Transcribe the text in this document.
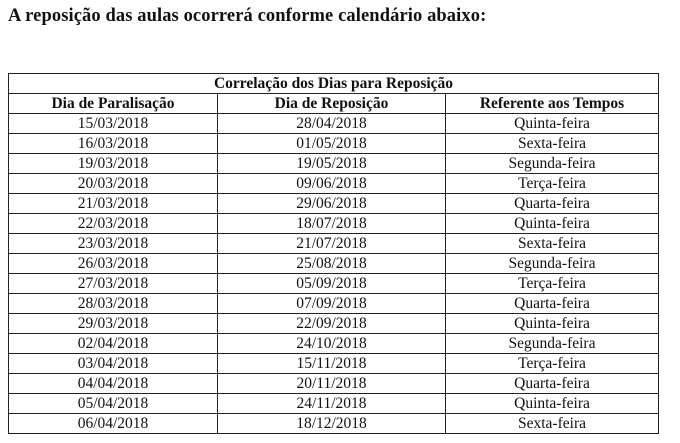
A reposição das aulas ocorrerá conforme calendário abaixo:
Correlação dos Dias para Reposição		
Dia de Paralisação	Dia de Reposição	Referente aos Tempos
15/03/2018	28/04/2018	Quinta-feira
16/03/2018	01/05/2018	Sexta-feira
19/03/2018	19/05/2018	Segunda-feira
20/03/2018	09/06/2018	Terça-feira
21/03/2018	29/06/2018	Quarta-feira
22/03/2018	18/07/2018	Quinta-feira
23/03/2018	21/07/2018	Sexta-feira
26/03/2018	25/08/2018	Segunda-feira
27/03/2018	05/09/2018	Terça-feira
28/03/2018	07/09/2018	Quarta-feira
29/03/2018	22/09/2018	Quinta-feira
02/04/2018	24/10/2018	Segunda-feira
03/04/2018	15/11/2018	Terça-feira
04/04/2018	20/11/2018	Quarta-feira
05/04/2018	24/11/2018	Quinta-feira
06/04/2018	18/12/2018	Sexta-feira
